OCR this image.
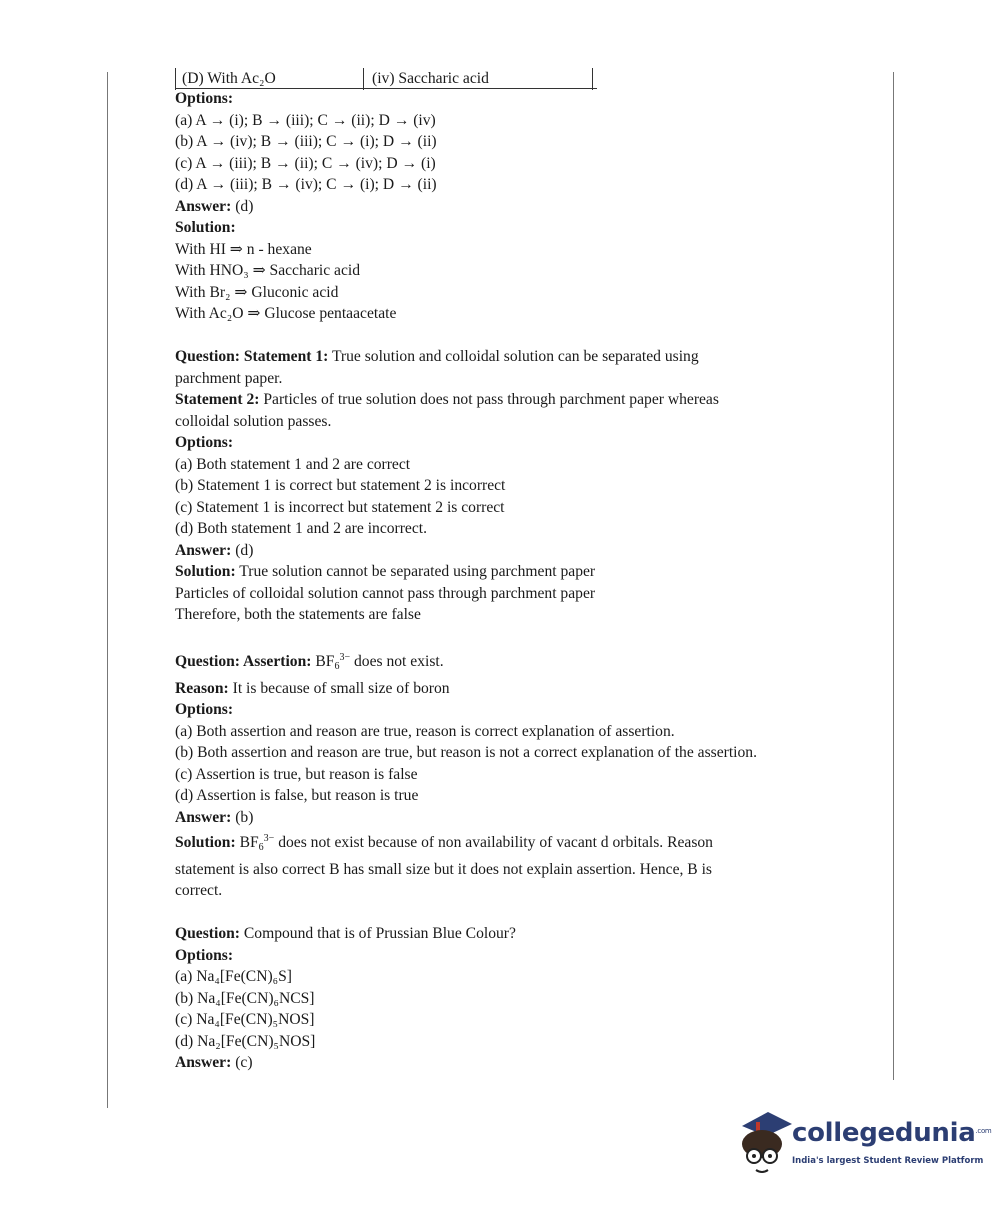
(D) With Ac₂O	(iv) Saccharic acid
Options:
(a) A → (i); B → (iii); C → (ii); D → (iv)
(b) A → (iv); B → (iii); C → (i); D → (ii)
(c) A → (iii); B → (ii); C → (iv); D → (i)
(d) A → (iii); B → (iv); C → (i); D → (ii)
Answer: (d)
Solution:
With HI ⇒ n - hexane
With HNO₃ ⇒ Saccharic acid
With Br₂ ⇒ Gluconic acid
With Ac₂O ⇒ Glucose pentaacetate
Question: Statement 1: True solution and colloidal solution can be separated using
parchment paper.
Statement 2: Particles of true solution does not pass through parchment paper whereas
colloidal solution passes.
Options:
(a) Both statement 1 and 2 are correct
(b) Statement 1 is correct but statement 2 is incorrect
(c) Statement 1 is incorrect but statement 2 is correct
(d) Both statement 1 and 2 are incorrect.
Answer: (d)
Solution: True solution cannot be separated using parchment paper
Particles of colloidal solution cannot pass through parchment paper
Therefore, both the statements are false
Question: Assertion: $BF_6^{3-}$ does not exist.
Reason: It is because of small size of boron
Options:
(a) Both assertion and reason are true, reason is correct explanation of assertion.
(b) Both assertion and reason are true, but reason is not a correct explanation of the assertion.
(c) Assertion is true, but reason is false
(d) Assertion is false, but reason is true
Answer: (b)
Solution: $BF_6^{3-}$ does not exist because of non availability of vacant d orbitals. Reason
statement is also correct B has small size but it does not explain assertion. Hence, B is
correct.
Question: Compound that is of Prussian Blue Colour?
Options:
(a) Na₄[Fe(CN)₆S]
(b) Na₄[Fe(CN)₆NCS]
(c) Na₄[Fe(CN)₅NOS]
(d) Na₂[Fe(CN)₅NOS]
Answer: (c)
collegedunia$^{.com}$
India's largest Student Review Platform
